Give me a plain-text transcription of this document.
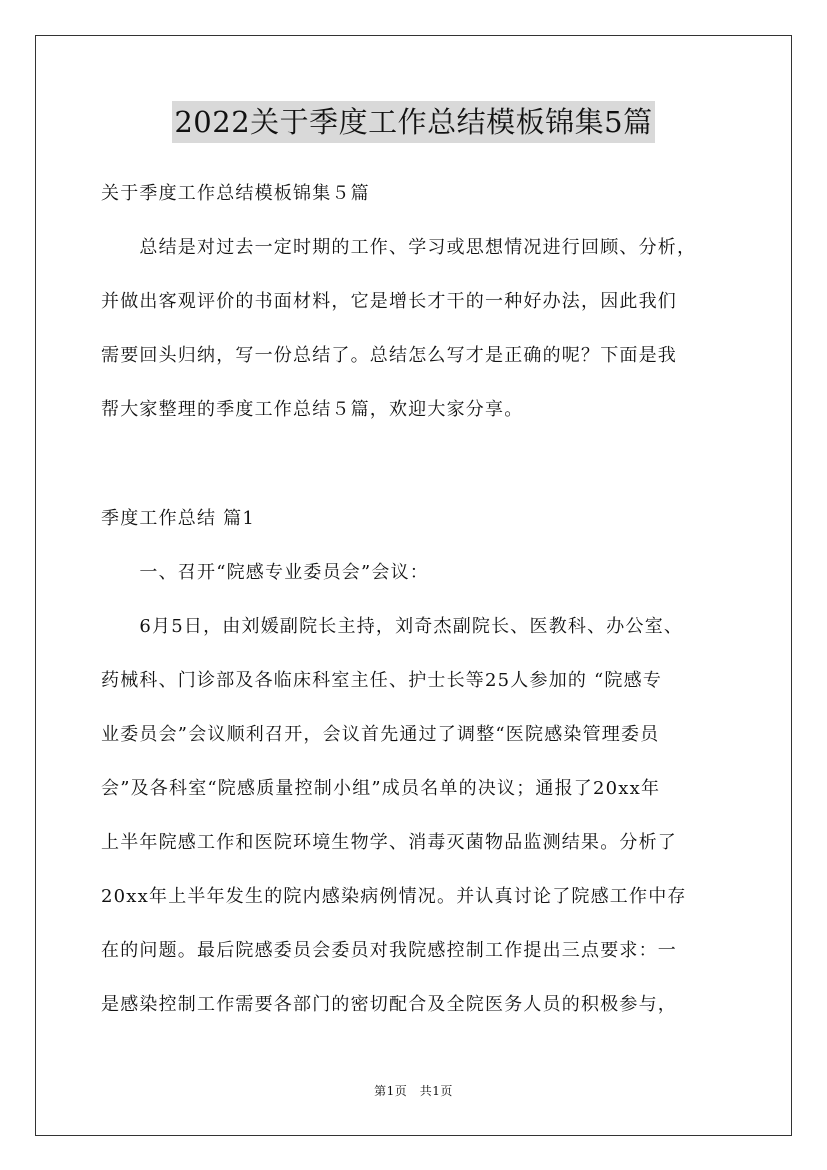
2022关于季度工作总结模板锦集5篇
关于季度工作总结模板锦集５篇
　　总结是对过去一定时期的工作、学习或思想情况进行回顾、分析，
并做出客观评价的书面材料，它是增长才干的一种好办法，因此我们
需要回头归纳，写一份总结了。总结怎么写才是正确的呢？下面是我
帮大家整理的季度工作总结５篇，欢迎大家分享。
季度工作总结 篇1
　　一、召开“院感专业委员会”会议：
　　6月5日，由刘媛副院长主持，刘奇杰副院长、医教科、办公室、
药械科、门诊部及各临床科室主任、护士长等25人参加的 “院感专
业委员会”会议顺利召开，会议首先通过了调整“医院感染管理委员
会”及各科室“院感质量控制小组”成员名单的决议；通报了20xx年
上半年院感工作和医院环境生物学、消毒灭菌物品监测结果。分析了
20xx年上半年发生的院内感染病例情况。并认真讨论了院感工作中存
在的问题。最后院感委员会委员对我院感控制工作提出三点要求：一
是感染控制工作需要各部门的密切配合及全院医务人员的积极参与，
第1页　共1页
